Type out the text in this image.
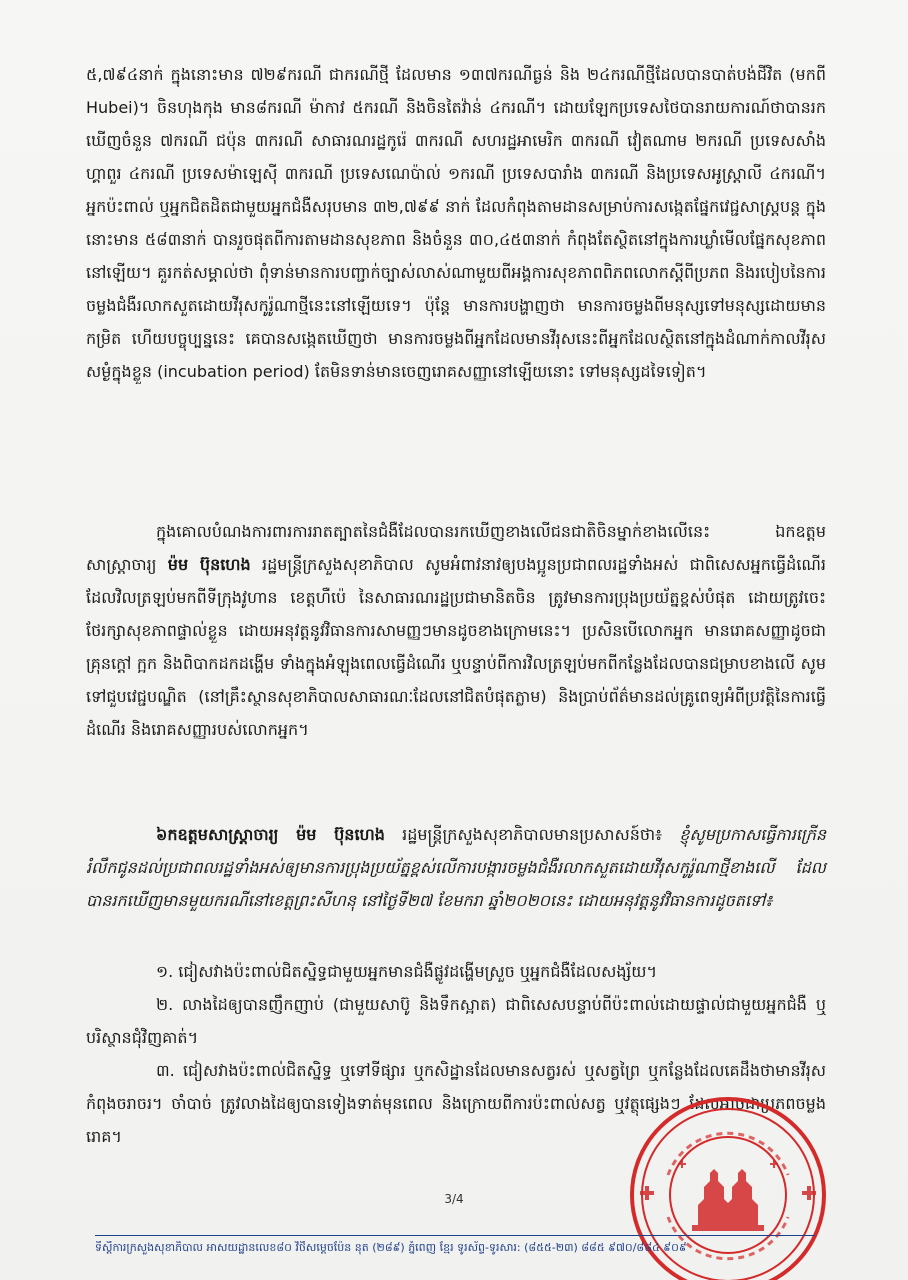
៥,៧៩៤នាក់ ក្នុងនោះមាន ៧២៩ករណី ជាករណីថ្មី ដែលមាន ១៣៧ករណីធ្ងន់ និង ២៤ករណីថ្មីដែលបានបាត់បង់ជីវិត (មកពី Hubei)។ ចិនហុងកុង មាន៨ករណី ម៉ាកាវ ៥ករណី និងចិនតៃវ៉ាន់ ៤ករណី។ ដោយឡែកប្រទេសថៃបានរាយការណ៍ថាបានរកឃើញចំនួន ៧ករណី ជប៉ុន ៣ករណី សាធារណរដ្ឋកូរ៉េ ៣ករណី សហរដ្ឋអាមេរិក ៣ករណី វៀតណាម ២ករណី ប្រទេសសាំងហ្គាពួរ ៤ករណី ប្រទេសម៉ាឡេស៊ី ៣ករណី ប្រទេសណេប៉ាល់ ១ករណី ប្រទេសបារាំង ៣ករណី និងប្រទេសអូស្ត្រាលី ៤ករណី។ អ្នកប៉ះពាល់ ឬអ្នកជិតដិតជាមួយអ្នកជំងឺសរុបមាន ៣២,៧៩៩ នាក់ ដែលកំពុងតាមដានសម្រាប់ការសង្កេតផ្នែកវេជ្ជសាស្ត្របន្ត ក្នុងនោះមាន ៥៨៣នាក់ បានរួចផុតពីការតាមដានសុខភាព និងចំនួន ៣០,៤៥៣នាក់ កំពុងតែស្ថិតនៅក្នុងការឃ្លាំមើលផ្នែកសុខភាពនៅឡើយ។ គួរកត់សម្គាល់ថា ពុំទាន់មានការបញ្ជាក់ច្បាស់លាស់ណាមួយពីអង្គការសុខភាពពិភពលោកស្ដីពីប្រភព និងរបៀបនៃការចម្លងជំងឺរលាកសួតដោយវីរុសកូរ៉ូណាថ្មីនេះនៅឡើយទេ។ ប៉ុន្តែ មានការបង្ហាញថា មានការចម្លងពីមនុស្សទៅមនុស្សដោយមានកម្រិត ហើយបច្ចុប្បន្ននេះ គេបានសង្កេតឃើញថា មានការចម្លងពីអ្នកដែលមានវីរុសនេះពីអ្នកដែលស្ថិតនៅក្នុងដំណាក់កាលវីរុសសម្ងំក្នុងខ្លួន (incubation period) តែមិនទាន់មានចេញរោគសញ្ញានៅឡើយនោះ ទៅមនុស្សដទៃទៀត។

ក្នុងគោលបំណងការពារការរាតត្បាតនៃជំងឺដែលបានរកឃើញខាងលើជនជាតិចិនម្នាក់ខាងលើនេះ ឯកឧត្តមសាស្ត្រាចារ្យ ម៉ម ប៊ុនហេង រដ្ឋមន្ត្រីក្រសួងសុខាភិបាល សូមអំពាវនាវឲ្យបងប្អូនប្រជាពលរដ្ឋទាំងអស់ ជាពិសេសអ្នកធ្វើដំណើរដែលវិលត្រឡប់មកពីទីក្រុងវូហាន ខេត្តហឺប៉េ នៃសាធារណរដ្ឋប្រជាមានិតចិន ត្រូវមានការប្រុងប្រយ័ត្នខ្ពស់បំផុត ដោយត្រូវចេះថែរក្សាសុខភាពផ្ទាល់ខ្លួន ដោយអនុវត្តនូវវិធានការសាមញ្ញៗមានដូចខាងក្រោមនេះ។ ប្រសិនបើលោកអ្នក មានរោគសញ្ញាដូចជា គ្រុនក្ដៅ ក្អក និងពិបាកដកដង្ហើម ទាំងក្នុងអំឡុងពេលធ្វើដំណើរ ឬបន្ទាប់ពីការវិលត្រឡប់មកពីកន្លែងដែលបានជម្រាបខាងលើ សូមទៅជួបវេជ្ជបណ្ឌិត (នៅគ្រឹះស្ថានសុខាភិបាលសាធារណៈដែលនៅជិតបំផុតភ្លាម) និងប្រាប់ព័ត៌មានដល់គ្រូពេទ្យអំពីប្រវត្តិនៃការធ្វើដំណើរ និងរោគសញ្ញារបស់លោកអ្នក។

៦កឧត្តមសាស្ត្រាចារ្យ ម៉ម ប៊ុនហេង រដ្ឋមន្ត្រីក្រសួងសុខាភិបាលមានប្រសាសន៍ថា៖ ខ្ញុំសូមប្រកាសធ្វើការក្រើនរំលឹកជូនដល់ប្រជាពលរដ្ឋទាំងអស់ឲ្យមានការប្រុងប្រយ័ត្នខ្ពស់លើការបង្ការចម្លងជំងឺរលាកសួតដោយវីរុសកូរ៉ូណាថ្មីខាងលើ ដែលបានរកឃើញមានមួយករណីនៅខេត្តព្រះសីហនុ នៅថ្ងៃទី២៧ ខែមករា ឆ្នាំ២០២០នេះ ដោយអនុវត្តនូវវិធានការដូចតទៅ៖

១. ជៀសវាងប៉ះពាល់ជិតស្និទ្ធជាមួយអ្នកមានជំងឺផ្លូវដង្ហើមស្រួច ឬអ្នកជំងឺដែលសង្ស័យ។

២. លាងដៃឲ្យបានញឹកញាប់ (ជាមួយសាប៊ូ និងទឹកស្អាត) ជាពិសេសបន្ទាប់ពីប៉ះពាល់ដោយផ្ទាល់ជាមួយអ្នកជំងឺ ឬបរិស្ថានជុំវិញគាត់។

៣. ជៀសវាងប៉ះពាល់ជិតស្និទ្ធ ឬទៅទីផ្សារ ឬកសិដ្ឋានដែលមានសត្វរស់ ឬសត្វព្រៃ ឬកន្លែងដែលគេដឹងថាមានវីរុសកំពុងចរាចរ។ ចាំបាច់ ត្រូវលាងដៃឲ្យបានទៀងទាត់មុនពេល និងក្រោយពីការប៉ះពាល់សត្វ ឬវត្ថុផ្សេងៗ ដែលអាចជាប្រភពចម្លងរោគ។

3/4
ទីស្ដីការក្រសួងសុខាភិបាល អាសយដ្ឋានលេខ៨០ វិថីសម្ដេចប៉ែន នុត (២៨៩) ភ្នំពេញ ខ្មែរ ទូរស័ព្ទ-ទូរសារ: (៨៥៥-២៣) ៨៨៥ ៩៧០/៨៨៤ ៩០៩
